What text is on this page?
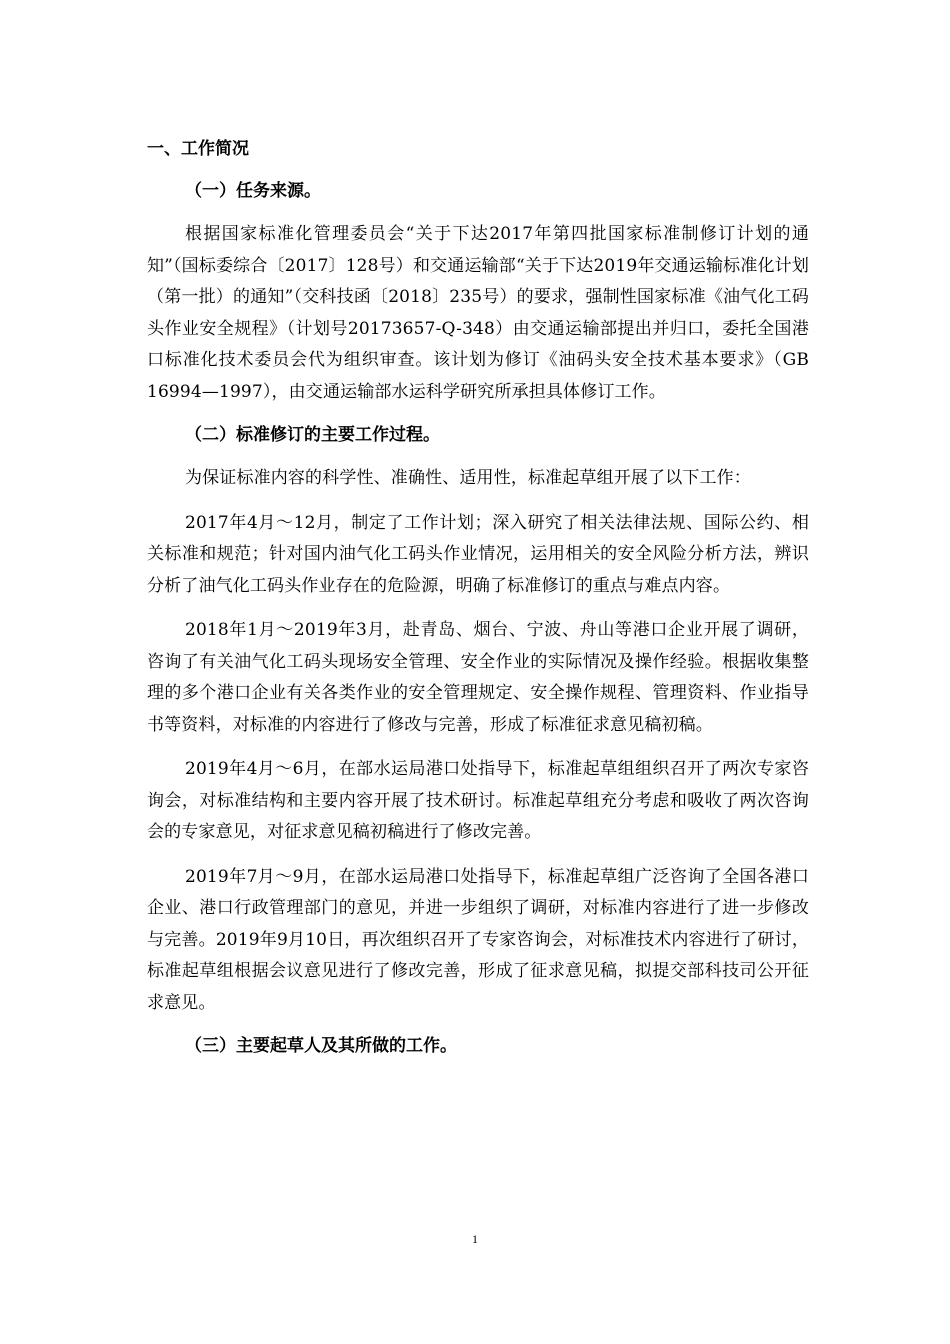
一、工作简况
（一）任务来源。

根据国家标准化管理委员会“关于下达2017年第四批国家标准制修订计划的通知”（国标委综合〔2017〕128号）和交通运输部“关于下达2019年交通运输标准化计划（第一批）的通知”（交科技函〔2018〕235号）的要求，强制性国家标准《油气化工码头作业安全规程》（计划号20173657-Q-348）由交通运输部提出并归口，委托全国港口标准化技术委员会代为组织审查。该计划为修订《油码头安全技术基本要求》（GB 16994—1997），由交通运输部水运科学研究所承担具体修订工作。

（二）标准修订的主要工作过程。

为保证标准内容的科学性、准确性、适用性，标准起草组开展了以下工作：

2017年4月～12月，制定了工作计划；深入研究了相关法律法规、国际公约、相关标准和规范；针对国内油气化工码头作业情况，运用相关的安全风险分析方法，辨识分析了油气化工码头作业存在的危险源，明确了标准修订的重点与难点内容。

2018年1月～2019年3月，赴青岛、烟台、宁波、舟山等港口企业开展了调研，咨询了有关油气化工码头现场安全管理、安全作业的实际情况及操作经验。根据收集整理的多个港口企业有关各类作业的安全管理规定、安全操作规程、管理资料、作业指导书等资料，对标准的内容进行了修改与完善，形成了标准征求意见稿初稿。

2019年4月～6月，在部水运局港口处指导下，标准起草组组织召开了两次专家咨询会，对标准结构和主要内容开展了技术研讨。标准起草组充分考虑和吸收了两次咨询会的专家意见，对征求意见稿初稿进行了修改完善。

2019年7月～9月，在部水运局港口处指导下，标准起草组广泛咨询了全国各港口企业、港口行政管理部门的意见，并进一步组织了调研，对标准内容进行了进一步修改与完善。2019年9月10日，再次组织召开了专家咨询会，对标准技术内容进行了研讨，标准起草组根据会议意见进行了修改完善，形成了征求意见稿，拟提交部科技司公开征求意见。

（三）主要起草人及其所做的工作。
1
